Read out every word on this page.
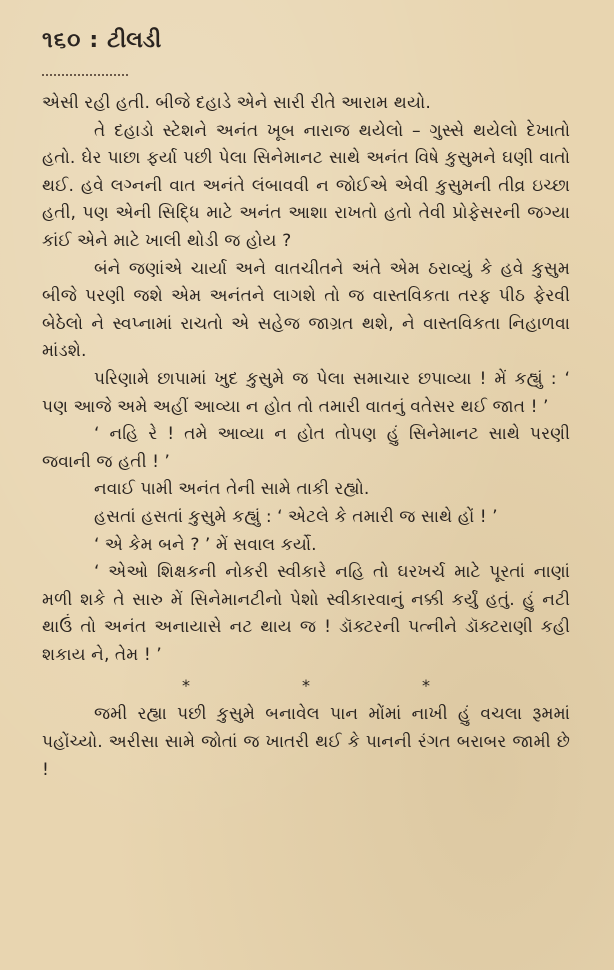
૧૬૦ : ટીલડી

એસી રહી હતી. બીજે દહાડે એને સારી રીતે આરામ થયો.

તે દહાડો સ્ટેશને અનંત ખૂબ નારાજ થયેલો – ગુસ્સે થયેલો દેખાતો હતો. ઘેર પાછા ફર્યા પછી પેલા સિનેમાનટ સાથે અનંત વિષે કુસુમને ઘણી વાતો થઈ. હવે લગ્નની વાત અનંતે લંબાવવી ન જોઈએ એવી કુસુમની તીવ્ર ઇચ્છા હતી, પણ એની સિદ્ધિ માટે અનંત આશા રાખતો હતો તેવી પ્રોફેસરની જગ્યા કાંઈ એને માટે ખાલી થોડી જ હોય ?

બંને જણાંએ ચાર્યા અને વાતચીતને અંતે એમ ઠરાવ્યું કે હવે કુસુમ બીજે પરણી જશે એમ અનંતને લાગશે તો જ વાસ્તવિકતા તરફ પીઠ ફેરવી બેઠેલો ને સ્વપ્નામાં રાચતો એ સહેજ જાગ્રત થશે, ને વાસ્તવિકતા નિહાળવા માંડશે.

પરિણામે છાપામાં ખુદ કુસુમે જ પેલા સમાચાર છપાવ્યા ! મેં કહ્યું : ‘ પણ આજે અમે અહીં આવ્યા ન હોત તો તમારી વાતનું વતેસર થઈ જાત ! ’

‘ નહિ રે ! તમે આવ્યા ન હોત તોપણ હું સિનેમાનટ સાથે પરણી જવાની જ હતી ! ’

નવાઈ પામી અનંત તેની સામે તાકી રહ્યો.

હસતાં હસતાં કુસુમે કહ્યું : ‘ એટલે કે તમારી જ સાથે હોં ! ’

‘ એ કેમ બને ? ’ મેં સવાલ કર્યો.

‘ એઓ શિક્ષકની નોકરી સ્વીકારે નહિ તો ઘરખર્ચ માટે પૂરતાં નાણાં મળી શકે તે સારુ મેં સિનેમાનટીનો પેશો સ્વીકારવાનું નક્કી કર્યું હતું. હું નટી થાઉં તો અનંત અનાયાસે નટ થાય જ ! ડૉક્ટરની પત્નીને ડૉક્ટરાણી કહી શકાય ને, તેમ ! ’

*	*	*

જમી રહ્યા પછી કુસુમે બનાવેલ પાન મોંમાં નાખી હું વચલા રૂમમાં પહોંચ્યો. અરીસા સામે જોતાં જ ખાતરી થઈ કે પાનની રંગત બરાબર જામી છે !
